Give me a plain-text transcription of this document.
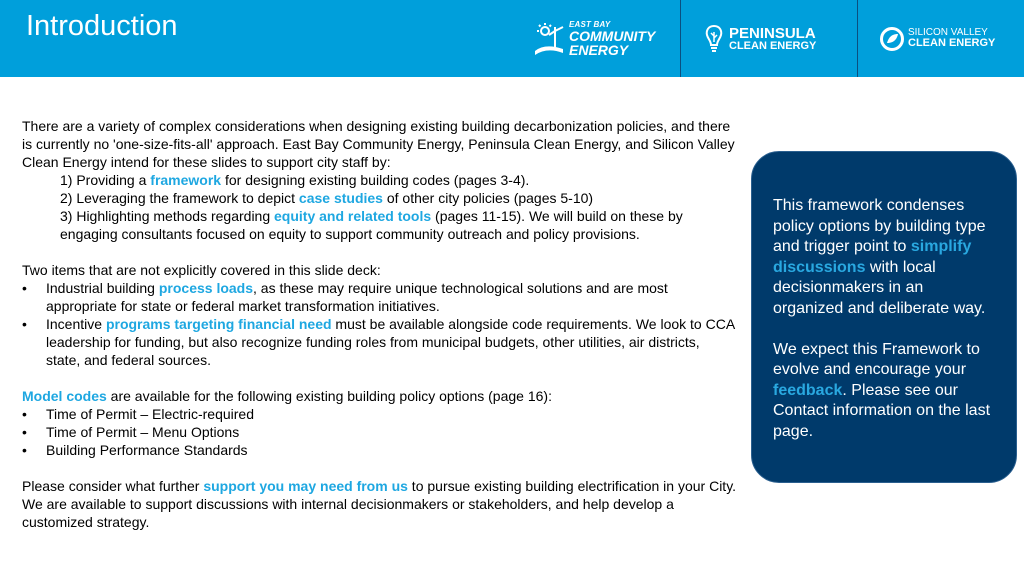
Introduction	EAST BAY
COMMUNITY
ENERGY
PENINSULA
CLEAN ENERGY
SILICON VALLEY
CLEAN ENERGY

There are a variety of complex considerations when designing existing building decarbonization policies, and there is currently no 'one-size-fits-all' approach. East Bay Community Energy, Peninsula Clean Energy, and Silicon Valley Clean Energy intend for these slides to support city staff by:

1) Providing a framework for designing existing building codes (pages 3-4).

2) Leveraging the framework to depict case studies of other city policies (pages 5-10)

3) Highlighting methods regarding equity and related tools (pages 11-15). We will build on these by engaging consultants focused on equity to support community outreach and policy provisions.

Two items that are not explicitly covered in this slide deck:

• Industrial building process loads, as these may require unique technological solutions and are most appropriate for state or federal market transformation initiatives.
• Incentive programs targeting financial need must be available alongside code requirements. We look to CCA leadership for funding, but also recognize funding roles from municipal budgets, other utilities, air districts, state, and federal sources.

Model codes are available for the following existing building policy options (page 16):

• Time of Permit – Electric-required
• Time of Permit – Menu Options
• Building Performance Standards

Please consider what further support you may need from us to pursue existing building electrification in your City. We are available to support discussions with internal decisionmakers or stakeholders, and help develop a customized strategy.

This framework condenses policy options by building type and trigger point to simplify discussions with local decisionmakers in an organized and deliberate way.

We expect this Framework to evolve and encourage your feedback. Please see our Contact information on the last page.
